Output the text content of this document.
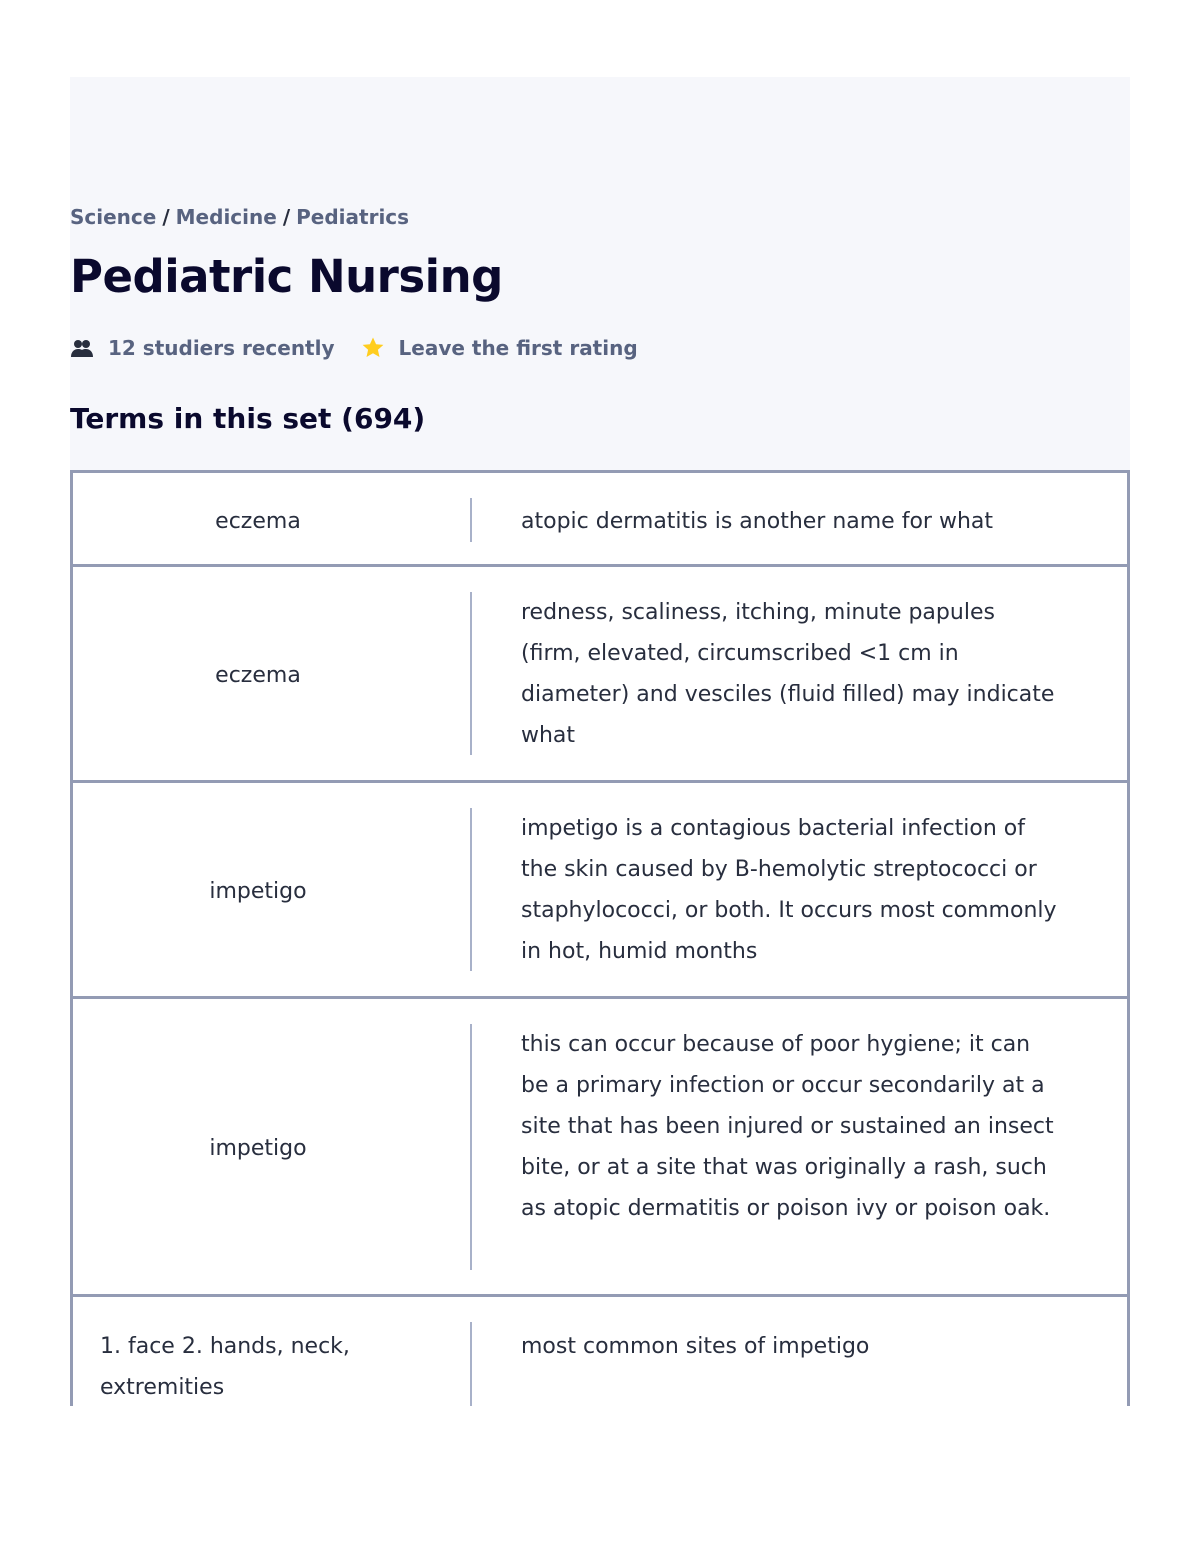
Science / Medicine / Pediatrics
Pediatric Nursing
12 studiers recently	Leave the first rating
Terms in this set (694)
eczema	atopic dermatitis is another name for what
eczema
redness, scaliness, itching, minute papules (firm, elevated, circumscribed <1 cm in diameter) and vesciles (fluid filled) may indicate what
impetigo
impetigo is a contagious bacterial infection of the skin caused by B-hemolytic streptococci or staphylococci, or both. It occurs most commonly in hot, humid months
impetigo
this can occur because of poor hygiene; it can be a primary infection or occur secondarily at a site that has been injured or sustained an insect bite, or at a site that was originally a rash, such as atopic dermatitis or poison ivy or poison oak.
1. face 2. hands, neck, extremities
most common sites of impetigo
